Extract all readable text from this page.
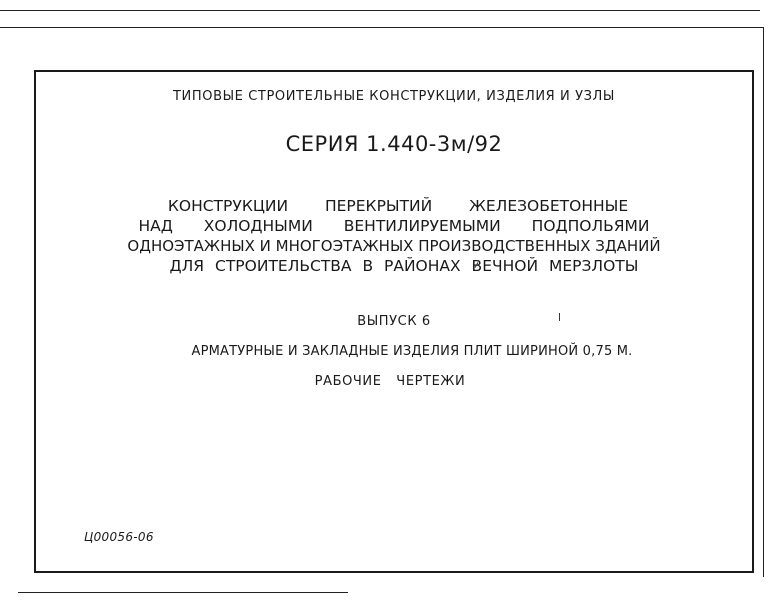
ТИПОВЫЕ СТРОИТЕЛЬНЫЕ КОНСТРУКЦИИ, ИЗДЕЛИЯ И УЗЛЫ

СЕРИЯ 1.440-3м/92

КОНСТРУКЦИИ ПЕРЕКРЫТИЙ ЖЕЛЕЗОБЕТОННЫЕ
НАД ХОЛОДНЫМИ ВЕНТИЛИРУЕМЫМИ ПОДПОЛЬЯМИ
ОДНОЭТАЖНЫХ И МНОГОЭТАЖНЫХ ПРОИЗВОДСТВЕННЫХ ЗДАНИЙ
ДЛЯ СТРОИТЕЛЬСТВА В РАЙОНАХ ВЕЧНОЙ МЕРЗЛОТЫ

ВЫПУСК 6

АРМАТУРНЫЕ И ЗАКЛАДНЫЕ ИЗДЕЛИЯ ПЛИТ ШИРИНОЙ 0,75 М.

РАБОЧИЕ ЧЕРТЕЖИ

Ц00056-06
